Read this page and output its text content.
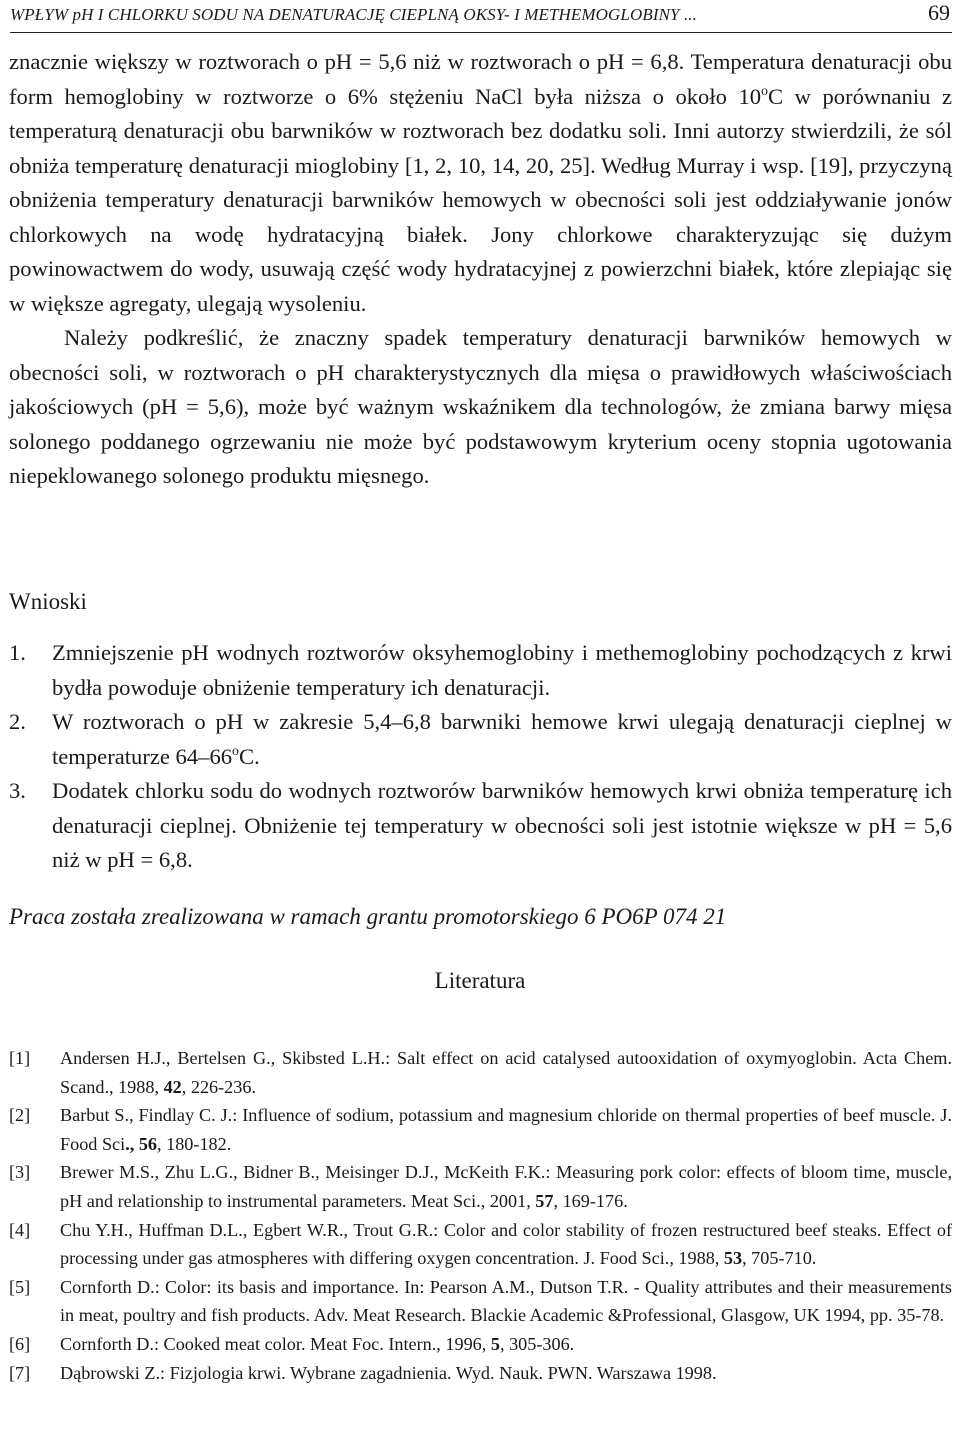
WPŁYW pH I CHLORKU SODU NA DENATURACJĘ CIEPLNĄ OKSY- I METHEMOGLOBINY ...	69

znacznie większy w roztworach o pH = 5,6 niż w roztworach o pH = 6,8. Temperatura denaturacji obu form hemoglobiny w roztworze o 6% stężeniu NaCl była niższa o około 10$^o$C w porównaniu z temperaturą denaturacji obu barwników w roztworach bez dodatku soli. Inni autorzy stwierdzili, że sól obniża temperaturę denaturacji mioglobiny [1, 2, 10, 14, 20, 25]. Według Murray i wsp. [19], przyczyną obniżenia temperatury denaturacji barwników hemowych w obecności soli jest oddziaływanie jonów chlorkowych na wodę hydratacyjną białek. Jony chlorkowe charakteryzując się dużym powinowactwem do wody, usuwają część wody hydratacyjnej z powierzchni białek, które zlepiając się w większe agregaty, ulegają wysoleniu.

Należy podkreślić, że znaczny spadek temperatury denaturacji barwników hemowych w obecności soli, w roztworach o pH charakterystycznych dla mięsa o prawidłowych właściwościach jakościowych (pH = 5,6), może być ważnym wskaźnikem dla technologów, że zmiana barwy mięsa solonego poddanego ogrzewaniu nie może być podstawowym kryterium oceny stopnia ugotowania niepeklowanego solonego produktu mięsnego.

Wnioski
1. Zmniejszenie pH wodnych roztworów oksyhemoglobiny i methemoglobiny pochodzących z krwi bydła powoduje obniżenie temperatury ich denaturacji.
2. W roztworach o pH w zakresie 5,4–6,8 barwniki hemowe krwi ulegają denaturacji cieplnej w temperaturze 64–66$^o$C.
3. Dodatek chlorku sodu do wodnych roztworów barwników hemowych krwi obniża temperaturę ich denaturacji cieplnej. Obniżenie tej temperatury w obecności soli jest istotnie większe w pH = 5,6 niż w pH = 6,8.
Praca została zrealizowana w ramach grantu promotorskiego 6 PO6P 074 21
Literatura
[1] Andersen H.J., Bertelsen G., Skibsted L.H.: Salt effect on acid catalysed autooxidation of oxymyoglobin. Acta Chem. Scand., 1988, 42, 226-236.
[2] Barbut S., Findlay C. J.: Influence of sodium, potassium and magnesium chloride on thermal properties of beef muscle. J. Food Sci., 56, 180-182.
[3] Brewer M.S., Zhu L.G., Bidner B., Meisinger D.J., McKeith F.K.: Measuring pork color: effects of bloom time, muscle, pH and relationship to instrumental parameters. Meat Sci., 2001, 57, 169-176.
[4] Chu Y.H., Huffman D.L., Egbert W.R., Trout G.R.: Color and color stability of frozen restructured beef steaks. Effect of processing under gas atmospheres with differing oxygen concentration. J. Food Sci., 1988, 53, 705-710.
[5] Cornforth D.: Color: its basis and importance. In: Pearson A.M., Dutson T.R. - Quality attributes and their measurements in meat, poultry and fish products. Adv. Meat Research. Blackie Academic &Professional, Glasgow, UK 1994, pp. 35-78.
[6] Cornforth D.: Cooked meat color. Meat Foc. Intern., 1996, 5, 305-306.
[7] Dąbrowski Z.: Fizjologia krwi. Wybrane zagadnienia. Wyd. Nauk. PWN. Warszawa 1998.
